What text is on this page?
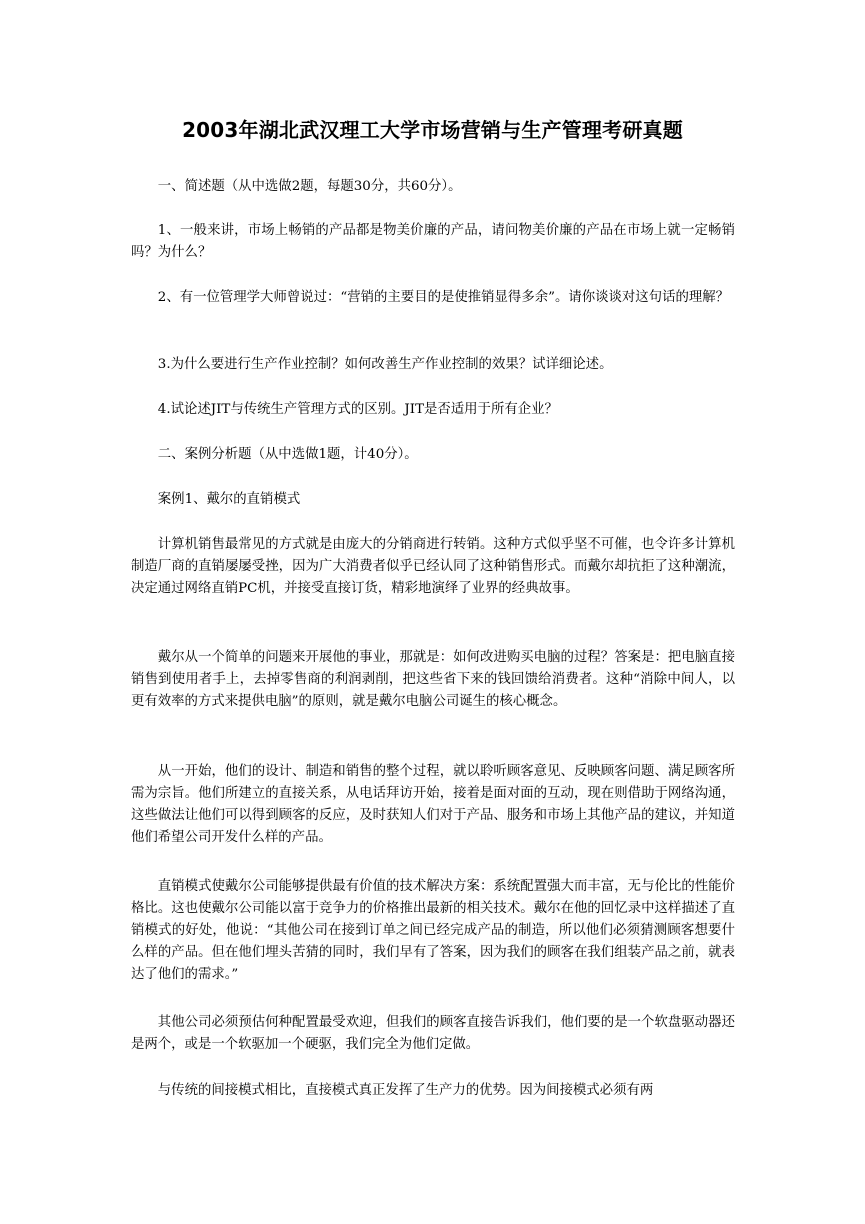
2003年湖北武汉理工大学市场营销与生产管理考研真题

一、简述题（从中选做2题，每题30分，共60分）。

1、一般来讲，市场上畅销的产品都是物美价廉的产品，请问物美价廉的产品在市场上就一定畅销吗？为什么？

2、有一位管理学大师曾说过：“营销的主要目的是使推销显得多余”。请你谈谈对这句话的理解？

3.为什么要进行生产作业控制？如何改善生产作业控制的效果？试详细论述。

4.试论述JIT与传统生产管理方式的区别。JIT是否适用于所有企业？

二、案例分析题（从中选做1题，计40分）。

案例1、戴尔的直销模式

计算机销售最常见的方式就是由庞大的分销商进行转销。这种方式似乎坚不可催，也令许多计算机制造厂商的直销屡屡受挫，因为广大消费者似乎已经认同了这种销售形式。而戴尔却抗拒了这种潮流，决定通过网络直销PC机，并接受直接订货，精彩地演绎了业界的经典故事。

戴尔从一个简单的问题来开展他的事业，那就是：如何改进购买电脑的过程？答案是：把电脑直接销售到使用者手上，去掉零售商的利润剥削，把这些省下来的钱回馈给消费者。这种“消除中间人，以更有效率的方式来提供电脑”的原则，就是戴尔电脑公司诞生的核心概念。

从一开始，他们的设计、制造和销售的整个过程，就以聆听顾客意见、反映顾客问题、满足顾客所需为宗旨。他们所建立的直接关系，从电话拜访开始，接着是面对面的互动，现在则借助于网络沟通，这些做法让他们可以得到顾客的反应，及时获知人们对于产品、服务和市场上其他产品的建议，并知道他们希望公司开发什么样的产品。

直销模式使戴尔公司能够提供最有价值的技术解决方案：系统配置强大而丰富，无与伦比的性能价格比。这也使戴尔公司能以富于竞争力的价格推出最新的相关技术。戴尔在他的回忆录中这样描述了直销模式的好处，他说：“其他公司在接到订单之间已经完成产品的制造，所以他们必须猜测顾客想要什么样的产品。但在他们埋头苦猜的同时，我们早有了答案，因为我们的顾客在我们组装产品之前，就表达了他们的需求。”

其他公司必须预估何种配置最受欢迎，但我们的顾客直接告诉我们，他们要的是一个软盘驱动器还是两个，或是一个软驱加一个硬驱，我们完全为他们定做。

与传统的间接模式相比，直接模式真正发挥了生产力的优势。因为间接模式必须有两
